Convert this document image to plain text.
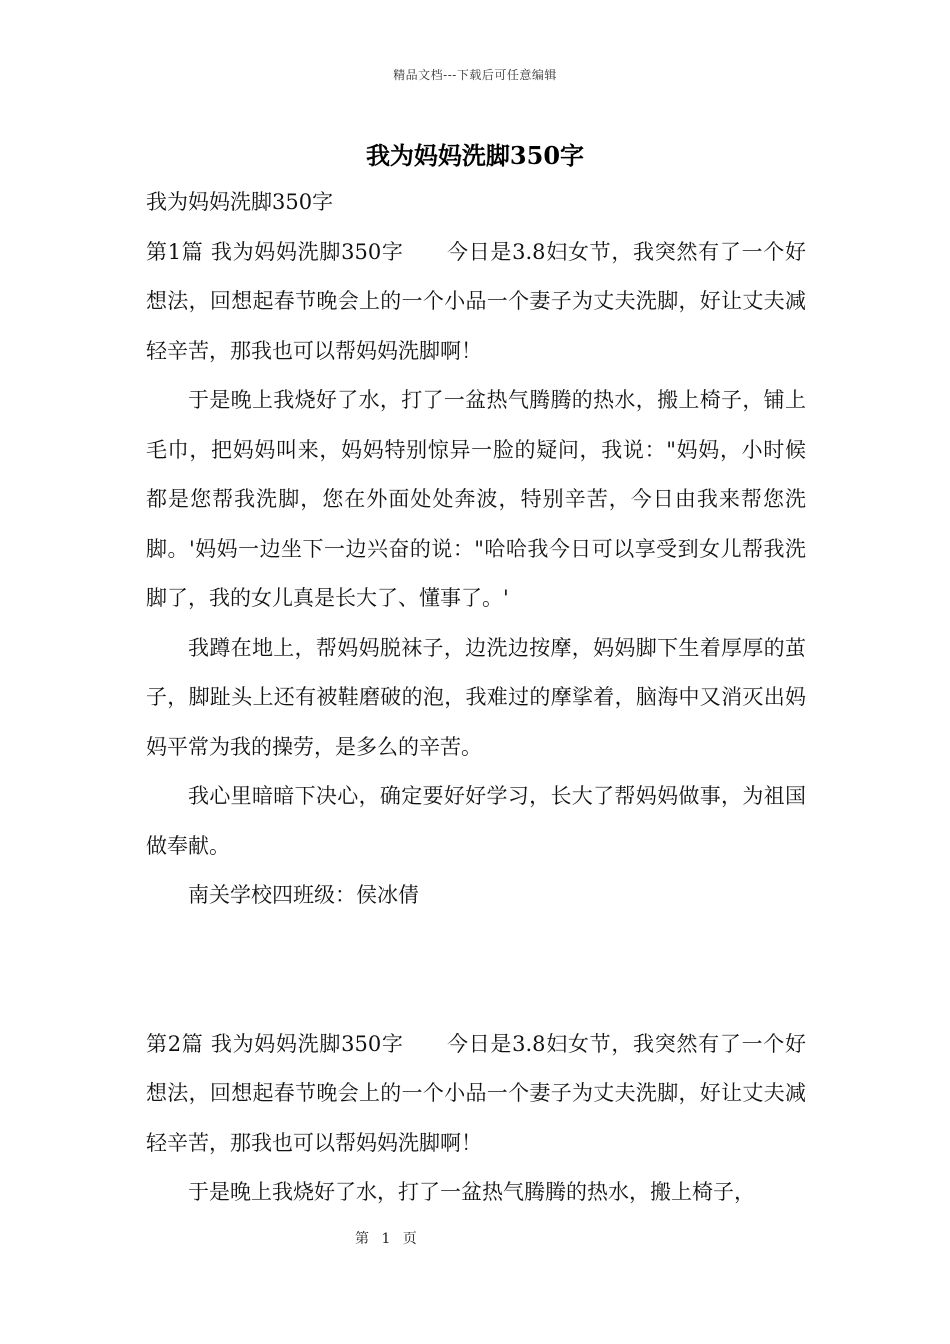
精品文档---下载后可任意编辑
我为妈妈洗脚350字

我为妈妈洗脚350字

第1篇 我为妈妈洗脚350字　　今日是3.8妇女节，我突然有了一个好想法，回想起春节晚会上的一个小品一个妻子为丈夫洗脚，好让丈夫减轻辛苦，那我也可以帮妈妈洗脚啊！

于是晚上我烧好了水，打了一盆热气腾腾的热水，搬上椅子，铺上毛巾，把妈妈叫来，妈妈特别惊异一脸的疑问，我说："妈妈，小时候都是您帮我洗脚，您在外面处处奔波，特别辛苦，今日由我来帮您洗脚。'妈妈一边坐下一边兴奋的说："哈哈我今日可以享受到女儿帮我洗脚了，我的女儿真是长大了、懂事了。'

我蹲在地上，帮妈妈脱袜子，边洗边按摩，妈妈脚下生着厚厚的茧子，脚趾头上还有被鞋磨破的泡，我难过的摩挲着，脑海中又消灭出妈妈平常为我的操劳，是多么的辛苦。

我心里暗暗下决心，确定要好好学习，长大了帮妈妈做事，为祖国做奉献。

南关学校四班级：侯冰倩

第2篇 我为妈妈洗脚350字　　今日是3.8妇女节，我突然有了一个好想法，回想起春节晚会上的一个小品一个妻子为丈夫洗脚，好让丈夫减轻辛苦，那我也可以帮妈妈洗脚啊！

于是晚上我烧好了水，打了一盆热气腾腾的热水，搬上椅子，

第 1 页
